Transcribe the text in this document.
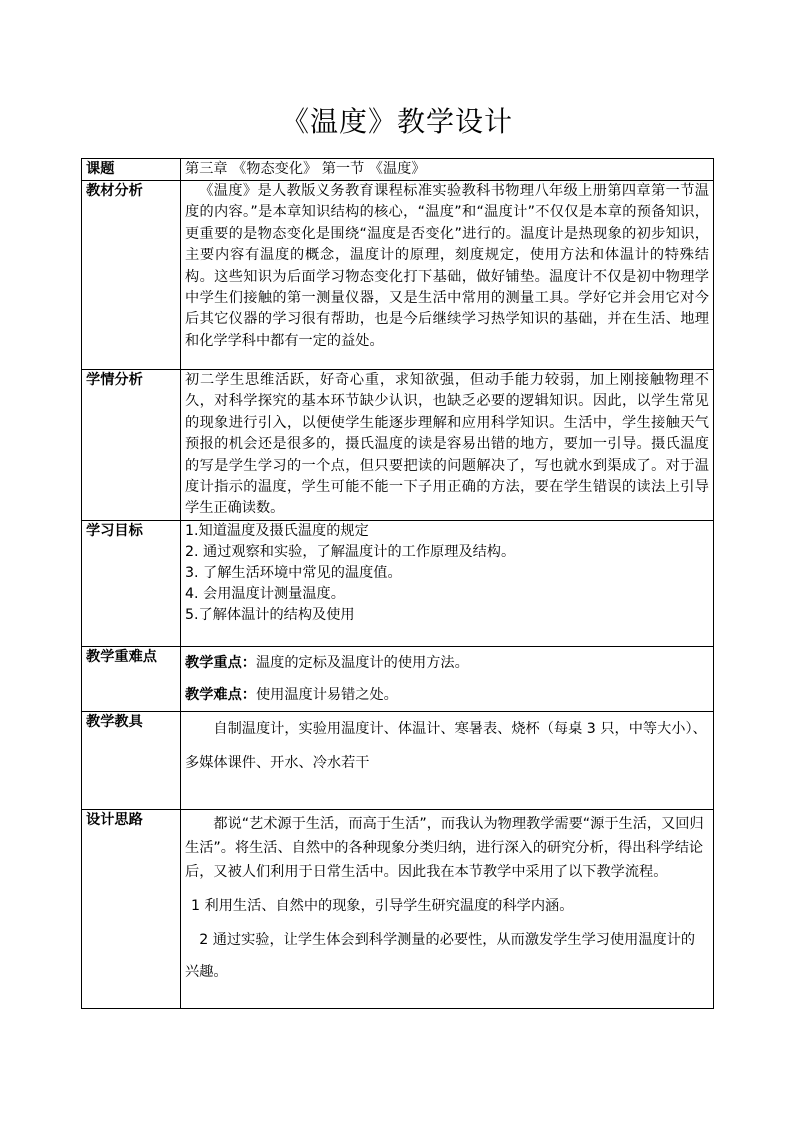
《温度》教学设计
课题	第三章 《物态变化》 第一节 《温度》
教材分析	《温度》是人教版义务教育课程标准实验教科书物理八年级上册第四章第一节温度的内容。”是本章知识结构的核心，“温度”和“温度计”不仅仅是本章的预备知识，更重要的是物态变化是围绕“温度是否变化”进行的。温度计是热现象的初步知识，主要内容有温度的概念，温度计的原理，刻度规定，使用方法和体温计的特殊结构。这些知识为后面学习物态变化打下基础，做好铺垫。温度计不仅是初中物理学中学生们接触的第一测量仪器，又是生活中常用的测量工具。学好它并会用它对今后其它仪器的学习很有帮助，也是今后继续学习热学知识的基础，并在生活、地理和化学学科中都有一定的益处。

学情分析	初二学生思维活跃，好奇心重，求知欲强，但动手能力较弱，加上刚接触物理不久，对科学探究的基本环节缺少认识，也缺乏必要的逻辑知识。因此，以学生常见的现象进行引入，以便使学生能逐步理解和应用科学知识。生活中，学生接触天气预报的机会还是很多的，摄氏温度的读是容易出错的地方，要加一引导。摄氏温度的写是学生学习的一个点，但只要把读的问题解决了，写也就水到渠成了。对于温度计指示的温度，学生可能不能一下子用正确的方法，要在学生错误的读法上引导学生正确读数。

学习目标	1.知道温度及摄氏温度的规定

2. 通过观察和实验，了解温度计的工作原理及结构。

3. 了解生活环境中常见的温度值。

4. 会用温度计测量温度。

5.了解体温计的结构及使用

教学重难点	教学重点：温度的定标及温度计的使用方法。

教学难点：使用温度计易错之处。

教学教具	自制温度计，实验用温度计、体温计、寒暑表、烧杯（每桌 3 只，中等大小）、多媒体课件、开水、冷水若干

设计思路	都说“艺术源于生活，而高于生活”，而我认为物理教学需要“源于生活，又回归生活”。将生活、自然中的各种现象分类归纳，进行深入的研究分析，得出科学结论后，又被人们利用于日常生活中。因此我在本节教学中采用了以下教学流程。

1 利用生活、自然中的现象，引导学生研究温度的科学内涵。

2 通过实验，让学生体会到科学测量的必要性，从而激发学生学习使用温度计的兴趣。
